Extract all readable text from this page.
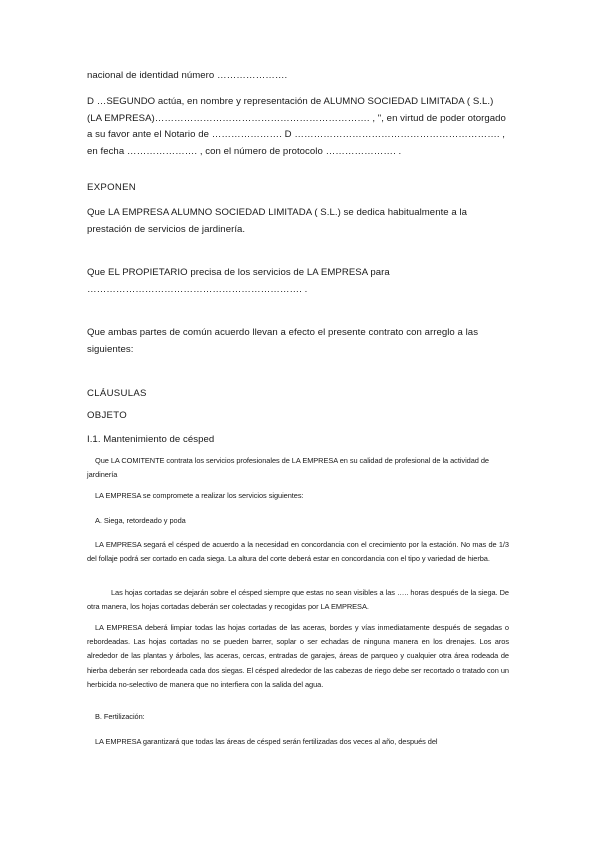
nacional de identidad número ………………….

D …SEGUNDO actúa, en nombre y representación de ALUMNO SOCIEDAD LIMITADA ( S.L.) (LA EMPRESA)…………………………………………………………. , ", en virtud de poder otorgado a su favor ante el Notario de …………………. D ………………………………………………………. , en fecha …………………. , con el número de protocolo …………………. .

EXPONEN

Que LA EMPRESA ALUMNO SOCIEDAD LIMITADA ( S.L.) se dedica habitualmente a la prestación de servicios de jardinería.

Que EL PROPIETARIO precisa de los servicios de LA EMPRESA para …………………………………………………………. .

Que ambas partes de común acuerdo llevan a efecto el presente contrato con arreglo a las siguientes:

CLÁUSULAS

OBJETO

I.1. Mantenimiento de césped

Que LA COMITENTE contrata los servicios profesionales de LA EMPRESA en su calidad de profesional de la actividad de jardinería

LA EMPRESA se compromete a realizar los servicios siguientes:

A. Siega, retordeado y poda

LA EMPRESA segará el césped de acuerdo a la necesidad en concordancia con el crecimiento por la estación. No mas de 1/3 del follaje podrá ser cortado en cada siega. La altura del corte deberá estar en concordancia con el tipo y variedad de hierba.

Las hojas cortadas se dejarán sobre el césped siempre que estas no sean visibles a las ….. horas después de la siega. De otra manera, los hojas cortadas deberán ser colectadas y recogidas por LA EMPRESA.

LA EMPRESA deberá limpiar todas las hojas cortadas de las aceras, bordes y vías inmediatamente después de segadas o rebordeadas. Las hojas cortadas no se pueden barrer, soplar o ser echadas de ninguna manera en los drenajes. Los aros alrededor de las plantas y árboles, las aceras, cercas, entradas de garajes, áreas de parqueo y cualquier otra área rodeada de hierba deberán ser rebordeada cada dos siegas. El césped alrededor de las cabezas de riego debe ser recortado o tratado con un herbicida no-selectivo de manera que no interfiera con la salida del agua.

B. Fertilización:

LA EMPRESA garantizará que todas las áreas de césped serán fertilizadas dos veces al año, después del
